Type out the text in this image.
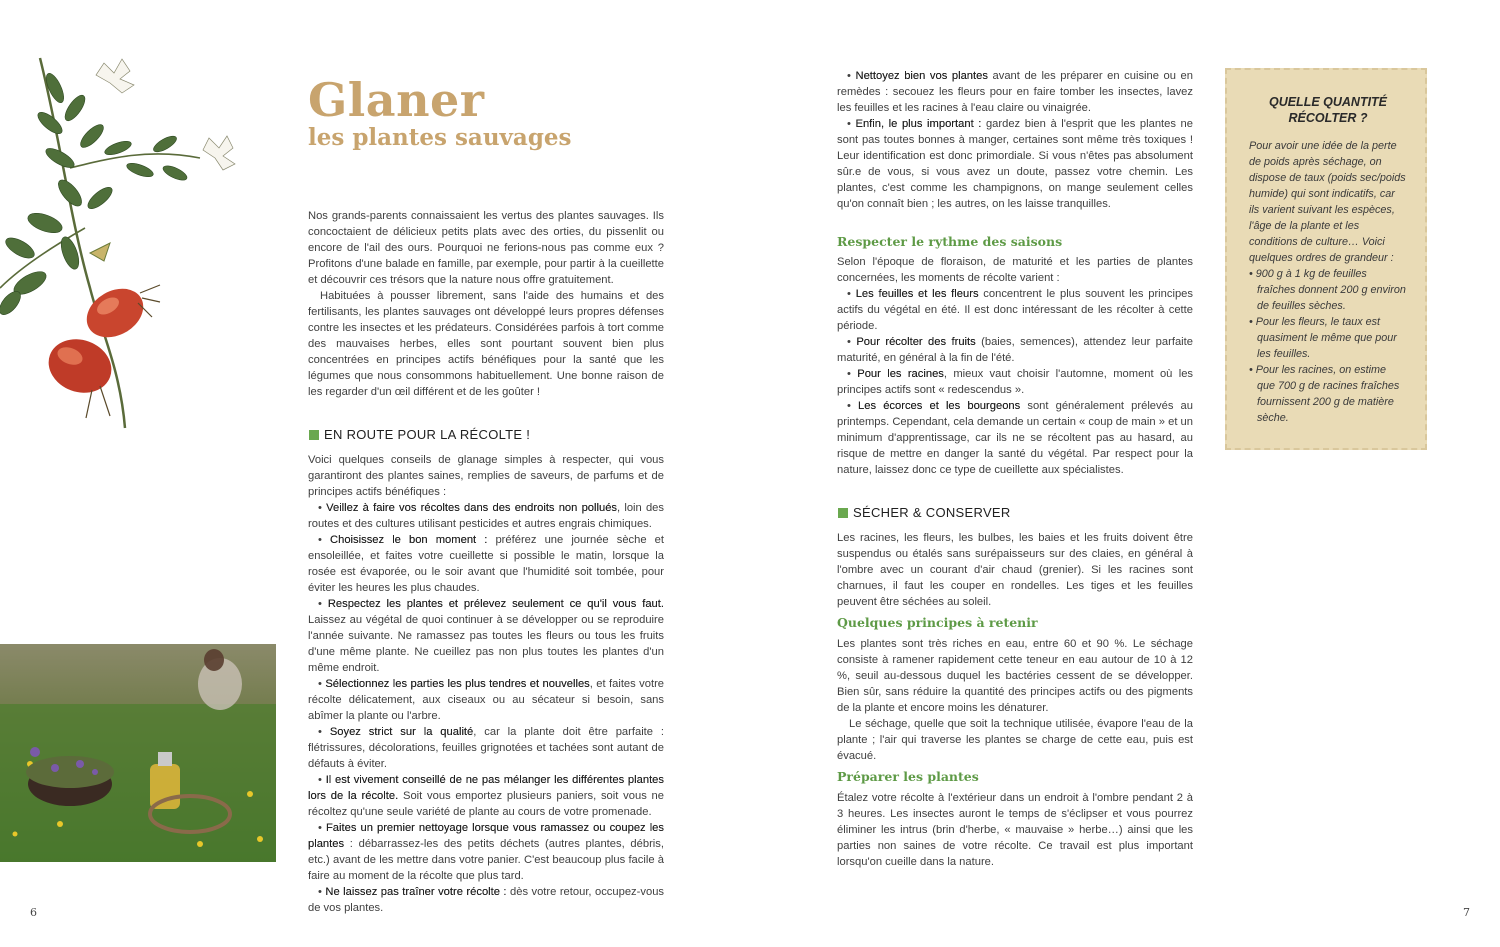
Glaner
les plantes sauvages

Nos grands-parents connaissaient les vertus des plantes sauvages. Ils concoctaient de délicieux petits plats avec des orties, du pissenlit ou encore de l'ail des ours. Pourquoi ne ferions-nous pas comme eux ? Profitons d'une balade en famille, par exemple, pour partir à la cueillette et découvrir ces trésors que la nature nous offre gratuitement.

Habituées à pousser librement, sans l'aide des humains et des fertilisants, les plantes sauvages ont développé leurs propres défenses contre les insectes et les prédateurs. Considérées parfois à tort comme des mauvaises herbes, elles sont pourtant souvent bien plus concentrées en principes actifs bénéfiques pour la santé que les légumes que nous consommons habituellement. Une bonne raison de les regarder d'un œil différent et de les goûter !

EN ROUTE POUR LA RÉCOLTE !

Voici quelques conseils de glanage simples à respecter, qui vous garantiront des plantes saines, remplies de saveurs, de parfums et de principes actifs bénéfiques :

• Veillez à faire vos récoltes dans des endroits non pollués, loin des routes et des cultures utilisant pesticides et autres engrais chimiques.

• Choisissez le bon moment : préférez une journée sèche et ensoleillée, et faites votre cueillette si possible le matin, lorsque la rosée est évaporée, ou le soir avant que l'humidité soit tombée, pour éviter les heures les plus chaudes.

• Respectez les plantes et prélevez seulement ce qu'il vous faut. Laissez au végétal de quoi continuer à se développer ou se reproduire l'année suivante. Ne ramassez pas toutes les fleurs ou tous les fruits d'une même plante. Ne cueillez pas non plus toutes les plantes d'un même endroit.

• Sélectionnez les parties les plus tendres et nouvelles, et faites votre récolte délicatement, aux ciseaux ou au sécateur si besoin, sans abîmer la plante ou l'arbre.

• Soyez strict sur la qualité, car la plante doit être parfaite : flétrissures, décolorations, feuilles grignotées et tachées sont autant de défauts à éviter.

• Il est vivement conseillé de ne pas mélanger les différentes plantes lors de la récolte. Soit vous emportez plusieurs paniers, soit vous ne récoltez qu'une seule variété de plante au cours de votre promenade.

• Faites un premier nettoyage lorsque vous ramassez ou coupez les plantes : débarrassez-les des petits déchets (autres plantes, débris, etc.) avant de les mettre dans votre panier. C'est beaucoup plus facile à faire au moment de la récolte que plus tard.

• Ne laissez pas traîner votre récolte : dès votre retour, occupez-vous de vos plantes.

6

• Nettoyez bien vos plantes avant de les préparer en cuisine ou en remèdes : secouez les fleurs pour en faire tomber les insectes, lavez les feuilles et les racines à l'eau claire ou vinaigrée.

• Enfin, le plus important : gardez bien à l'esprit que les plantes ne sont pas toutes bonnes à manger, certaines sont même très toxiques ! Leur identification est donc primordiale. Si vous n'êtes pas absolument sûr.e de vous, si vous avez un doute, passez votre chemin. Les plantes, c'est comme les champignons, on mange seulement celles qu'on connaît bien ; les autres, on les laisse tranquilles.

Respecter le rythme des saisons

Selon l'époque de floraison, de maturité et les parties de plantes concernées, les moments de récolte varient :

• Les feuilles et les fleurs concentrent le plus souvent les principes actifs du végétal en été. Il est donc intéressant de les récolter à cette période.

• Pour récolter des fruits (baies, semences), attendez leur parfaite maturité, en général à la fin de l'été.

• Pour les racines, mieux vaut choisir l'automne, moment où les principes actifs sont « redescendus ».

• Les écorces et les bourgeons sont généralement prélevés au printemps. Cependant, cela demande un certain « coup de main » et un minimum d'apprentissage, car ils ne se récoltent pas au hasard, au risque de mettre en danger la santé du végétal. Par respect pour la nature, laissez donc ce type de cueillette aux spécialistes.

SÉCHER & CONSERVER
Les racines, les fleurs, les bulbes, les baies et les fruits doivent être suspendus ou étalés sans surépaisseurs sur des claies, en général à l'ombre avec un courant d'air chaud (grenier). Si les racines sont charnues, il faut les couper en rondelles. Les tiges et les feuilles peuvent être séchées au soleil.
Quelques principes à retenir

Les plantes sont très riches en eau, entre 60 et 90 %. Le séchage consiste à ramener rapidement cette teneur en eau autour de 10 à 12 %, seuil au-dessous duquel les bactéries cessent de se développer. Bien sûr, sans réduire la quantité des principes actifs ou des pigments de la plante et encore moins les dénaturer.

Le séchage, quelle que soit la technique utilisée, évapore l'eau de la plante ; l'air qui traverse les plantes se charge de cette eau, puis est évacué.

Préparer les plantes
Étalez votre récolte à l'extérieur dans un endroit à l'ombre pendant 2 à 3 heures. Les insectes auront le temps de s'éclipser et vous pourrez éliminer les intrus (brin d'herbe, « mauvaise » herbe…) ainsi que les parties non saines de votre récolte. Ce travail est plus important lorsqu'on cueille dans la nature.
QUELLE QUANTITÉ
RÉCOLTER ?

Pour avoir une idée de la perte de poids après séchage, on dispose de taux (poids sec/poids humide) qui sont indicatifs, car ils varient suivant les espèces, l'âge de la plante et les conditions de culture… Voici quelques ordres de grandeur :

• 900 g à 1 kg de feuilles fraîches donnent 200 g environ de feuilles sèches.

• Pour les fleurs, le taux est quasiment le même que pour les feuilles.

• Pour les racines, on estime que 700 g de racines fraîches fournissent 200 g de matière sèche.

7
